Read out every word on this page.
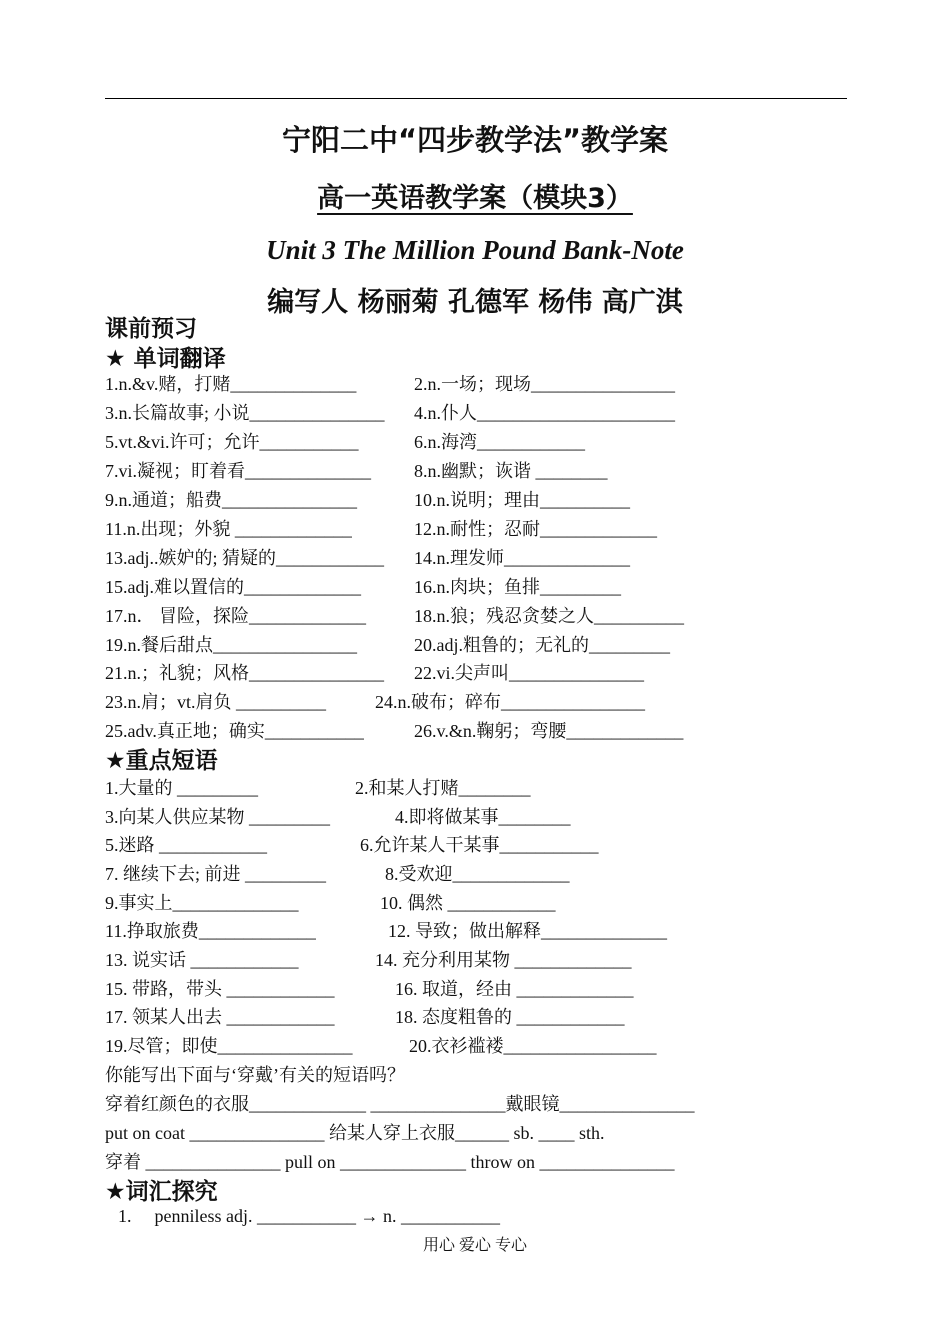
宁阳二中“四步教学法”教学案
高一英语教学案（模块3）
Unit 3 The Million Pound Bank-Note
编写人 杨丽菊 孔德军 杨伟 高广淇
课前预习
★ 单词翻译
1.n.&v.赌，打赌______________	2.n.一场；现场________________
3.n.长篇故事; 小说_______________ 4.n.仆人______________________
5.vt.&vi.许可；允许___________	6.n.海湾____________
7.vi.凝视；盯着看______________ 8.n.幽默；诙谐 ________
9.n.通道；船费_______________	10.n.说明；理由__________
11.n.出现；外貌 _____________	12.n.耐性；忍耐_____________
13.adj..嫉妒的; 猜疑的____________ 14.n.理发师______________
15.adj.难以置信的_____________	16.n.肉块；鱼排_________
17.n． 冒险，探险_____________	18.n.狼；残忍贪婪之人__________
19.n.餐后甜点________________	20.adj.粗鲁的；无礼的_________
21.n.；礼貌；风格_______________ 22.vi.尖声叫_______________
23.n.肩；vt.肩负 __________	24.n.破布；碎布________________
25.adv.真正地；确实___________	26.v.&n.鞠躬；弯腰_____________
★重点短语
1.大量的 _________	2.和某人打赌________
3.向某人供应某物 _________	4.即将做某事________
5.迷路 ____________	6.允许某人干某事___________
7. 继续下去; 前进 _________	8.受欢迎_____________
9.事实上______________	10. 偶然 ____________
11.挣取旅费_____________	12. 导致；做出解释______________
13. 说实话 ____________	14. 充分利用某物 _____________
15. 带路，带头 ____________	16. 取道，经由 _____________
17. 领某人出去 ____________	18. 态度粗鲁的 ____________
19.尽管；即使_______________	20.衣衫褴褛_________________
你能写出下面与‘穿戴’有关的短语吗？
穿着红颜色的衣服_____________ _______________戴眼镜_______________
put on coat _______________ 给某人穿上衣服______ sb. ____ sth.
穿着 _______________ pull on ______________ throw on _______________
★词汇探究
1. penniless adj. ___________ → n. ___________
用心 爱心 专心
